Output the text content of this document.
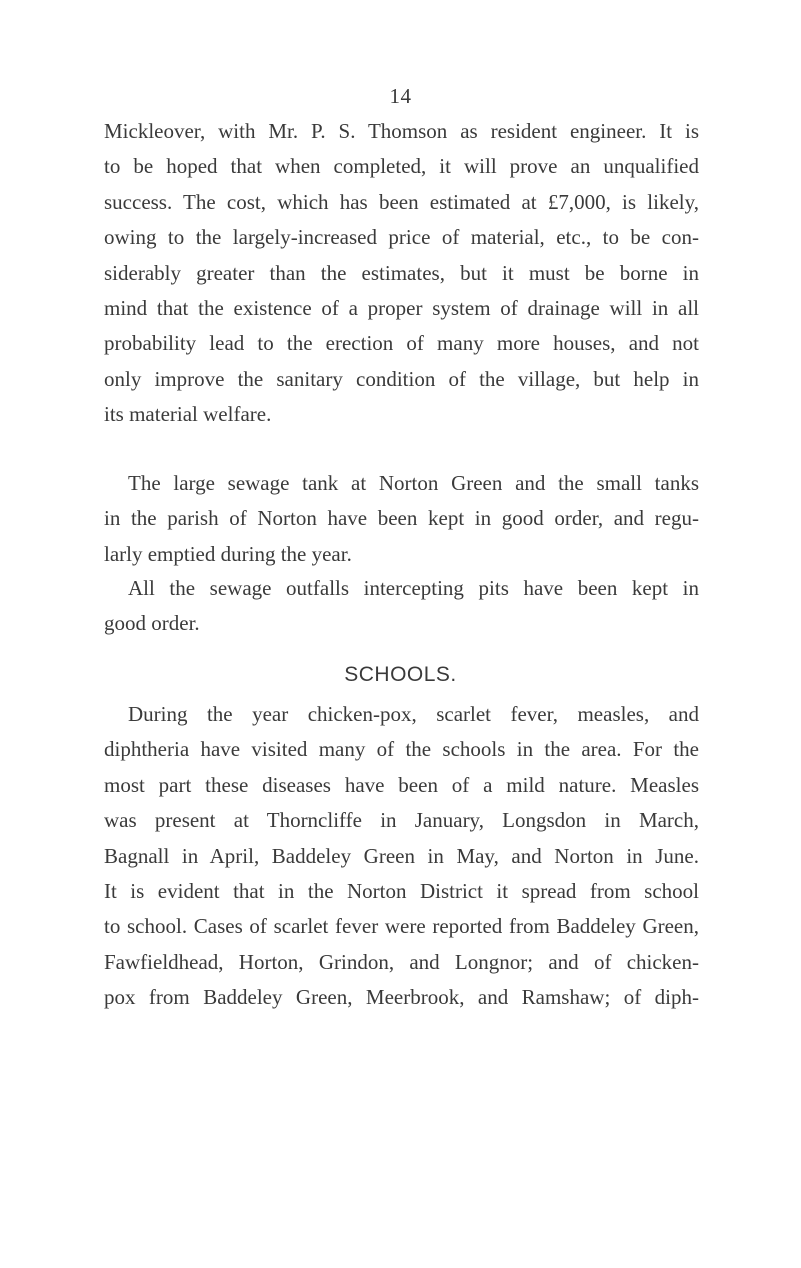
14
Mickleover, with Mr. P. S. Thomson as resident engineer. It is
to be hoped that when completed, it will prove an unqualified
success. The cost, which has been estimated at £7,000, is likely,
owing to the largely-increased price of material, etc., to be con-
siderably greater than the estimates, but it must be borne in
mind that the existence of a proper system of drainage will in all
probability lead to the erection of many more houses, and not
only improve the sanitary condition of the village, but help in
its material welfare.
The large sewage tank at Norton Green and the small tanks
in the parish of Norton have been kept in good order, and regu-
larly emptied during the year.
All the sewage outfalls intercepting pits have been kept in
good order.
SCHOOLS.
During the year chicken-pox, scarlet fever, measles, and
diphtheria have visited many of the schools in the area. For the
most part these diseases have been of a mild nature. Measles
was present at Thorncliffe in January, Longsdon in March,
Bagnall in April, Baddeley Green in May, and Norton in June.
It is evident that in the Norton District it spread from school
to school. Cases of scarlet fever were reported from Baddeley Green,
Fawfieldhead, Horton, Grindon, and Longnor; and of chicken-
pox from Baddeley Green, Meerbrook, and Ramshaw; of diph-
